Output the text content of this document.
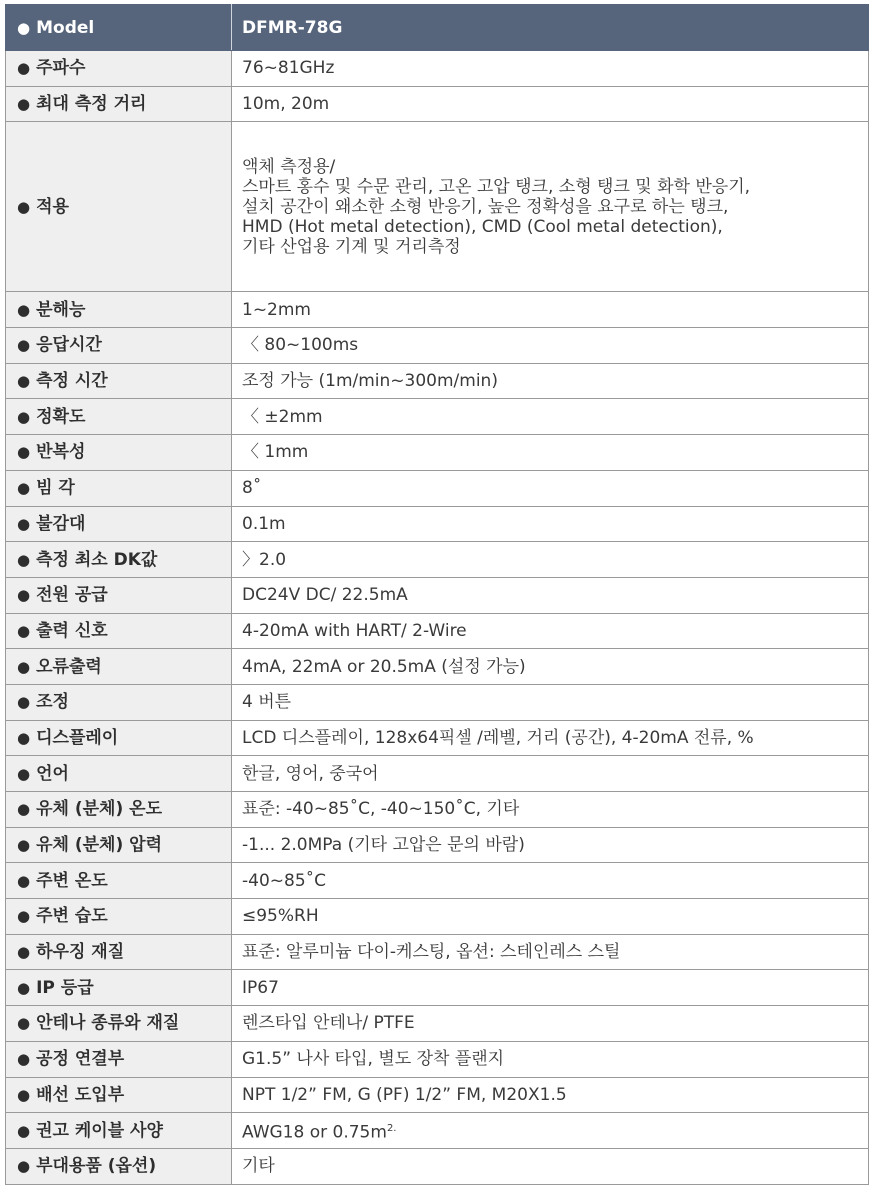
● Model	DFMR-78G
● 주파수	76~81GHz
● 최대 측정 거리	10m, 20m
● 적용	액체 측정용/
스마트 홍수 및 수문 관리, 고온 고압 탱크, 소형 탱크 및 화학 반응기,
설치 공간이 왜소한 소형 반응기, 높은 정확성을 요구로 하는 탱크,
HMD (Hot metal detection), CMD (Cool metal detection),
기타 산업용 기계 및 거리측정

● 분해능	1~2mm
● 응답시간	〈 80~100ms
● 측정 시간	조정 가능 (1m/min~300m/min)
● 정확도	〈 ±2mm
● 반복성	〈 1mm
● 빔 각	8˚
● 불감대	0.1m
● 측정 최소 DK값	〉2.0
● 전원 공급	DC24V DC/ 22.5mA
● 출력 신호	4-20mA with HART/ 2-Wire
● 오류출력	4mA, 22mA or 20.5mA (설정 가능)
● 조정	4 버튼
● 디스플레이	LCD 디스플레이, 128x64픽셀 /레벨, 거리 (공간), 4-20mA 전류, %
● 언어	한글, 영어, 중국어
● 유체 (분체) 온도	표준: -40~85˚C, -40~150˚C, 기타
● 유체 (분체) 압력	-1... 2.0MPa (기타 고압은 문의 바람)
● 주변 온도	-40~85˚C
● 주변 습도	≤95%RH
● 하우징 재질	표준: 알루미늄 다이-케스팅, 옵션: 스테인레스 스틸
● IP 등급	IP67
● 안테나 종류와 재질	렌즈타입 안테나/ PTFE
● 공정 연결부	G1.5” 나사 타입, 별도 장착 플랜지
● 배선 도입부	NPT 1/2” FM, G (PF) 1/2” FM, M20X1.5
● 권고 케이블 사양	AWG18 or $0.75m^{2.}$
● 부대용품 (옵션)	기타
